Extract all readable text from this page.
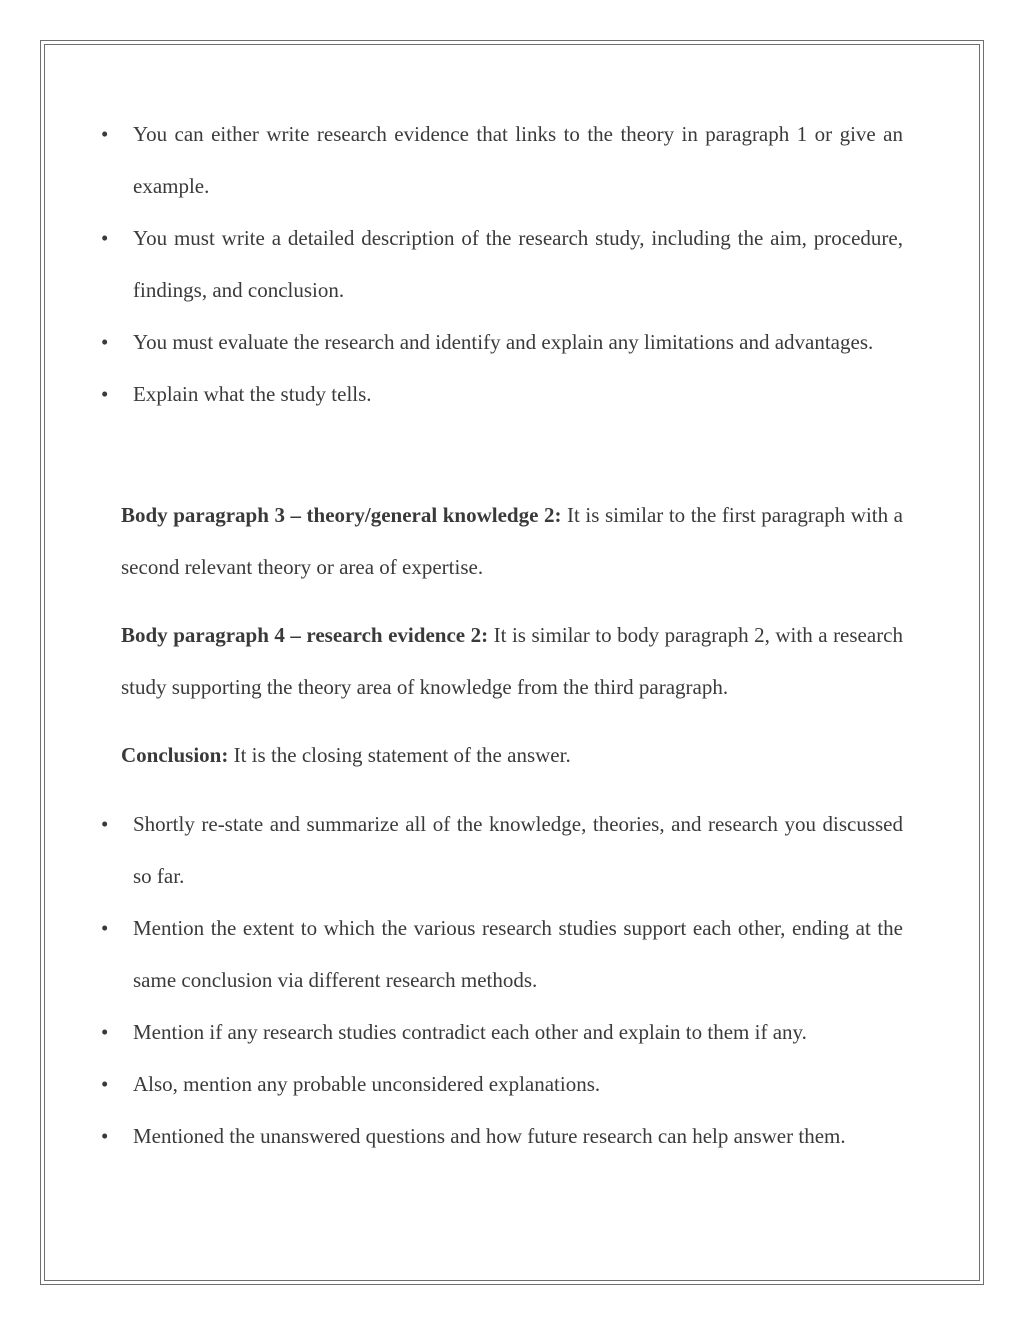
• You can either write research evidence that links to the theory in paragraph 1 or give an example.
• You must write a detailed description of the research study, including the aim, procedure, findings, and conclusion.
• You must evaluate the research and identify and explain any limitations and advantages.
• Explain what the study tells.

Body paragraph 3 – theory/general knowledge 2: It is similar to the first paragraph with a second relevant theory or area of expertise.

Body paragraph 4 – research evidence 2: It is similar to body paragraph 2, with a research study supporting the theory area of knowledge from the third paragraph.

Conclusion: It is the closing statement of the answer.

• Shortly re-state and summarize all of the knowledge, theories, and research you discussed so far.
• Mention the extent to which the various research studies support each other, ending at the same conclusion via different research methods.
• Mention if any research studies contradict each other and explain to them if any.
• Also, mention any probable unconsidered explanations.
• Mentioned the unanswered questions and how future research can help answer them.
